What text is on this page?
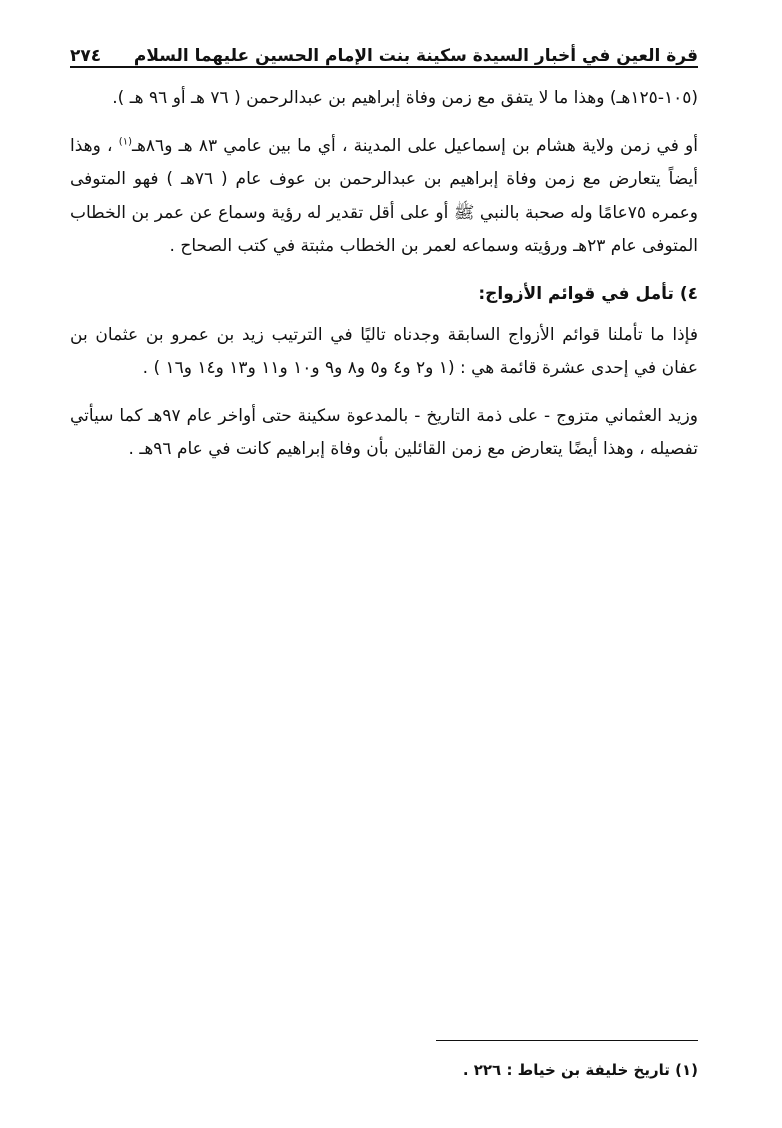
قرة العين في أخبار السيدة سكينة بنت الإمام الحسين عليهما السلام
٢٧٤

(١٠٥-١٢٥هـ) وهذا ما لا يتفق مع زمن وفاة إبراهيم بن عبدالرحمن ( ٧٦ هـ أو ٩٦ هـ ).

أو في زمن ولاية هشام بن إسماعيل على المدينة ، أي ما بين عامي ٨٣ هـ و٨٦هـ$^{(١)}$ ، وهذا أيضاً يتعارض مع زمن وفاة إبراهيم بن عبدالرحمن بن عوف عام ( ٧٦هـ ) فهو المتوفى وعمره ٧٥عامًا وله صحبة بالنبي ﷺ أو على أقل تقدير له رؤية وسماع عن عمر بن الخطاب المتوفى عام ٢٣هـ ورؤيته وسماعه لعمر بن الخطاب مثبتة في كتب الصحاح .

٤) تأمل في قوائم الأزواج:

فإذا ما تأملنا قوائم الأزواج السابقة وجدناه تاليًا في الترتيب زيد بن عمرو بن عثمان بن عفان في إحدى عشرة قائمة هي : (١ و٢ و٤ و٥ و٨ و٩ و١٠ و١١ و١٣ و١٤ و١٦ ) .

وزيد العثماني متزوج - على ذمة التاريخ - بالمدعوة سكينة حتى أواخر عام ٩٧هـ كما سيأتي تفصيله ، وهذا أيضًا يتعارض مع زمن القائلين بأن وفاة إبراهيم كانت في عام ٩٦هـ .

(١) تاريخ خليفة بن خياط : ٢٢٦ .
